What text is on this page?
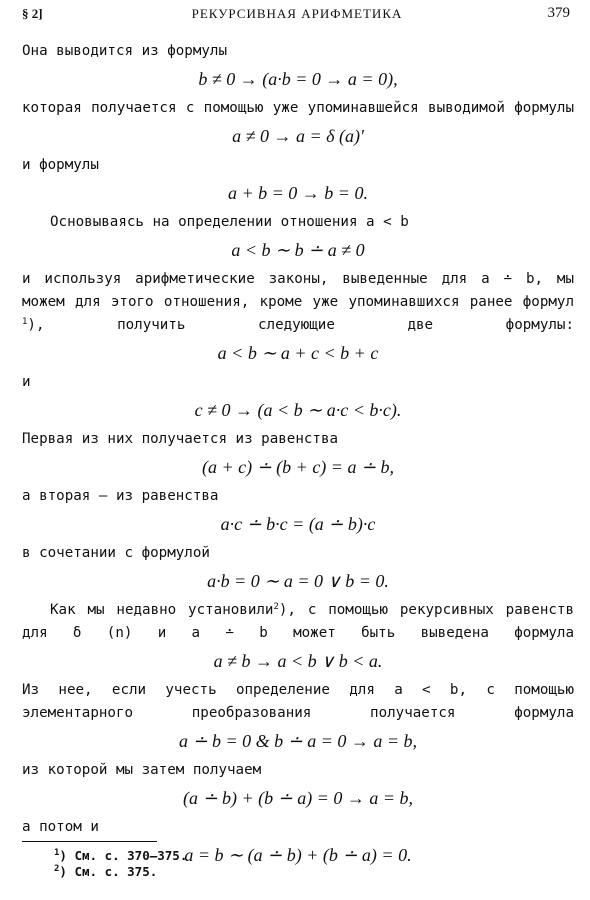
§ 2]	РЕКУРСИВНАЯ АРИФМЕТИКА	379

Она выводится из формулы

b ≠ 0 → (a·b = 0 → a = 0),

которая получается с помощью уже упоминавшейся выводимой формулы

a ≠ 0 → a = δ (a)′

и формулы

a + b = 0 → b = 0.

Основываясь на определении отношения a < b

a < b ∼ b ∸ a ≠ 0

и используя арифметические законы, выведенные для a ∸ b, мы можем для этого отношения, кроме уже упоминавшихся ранее формул $^1$), получить следующие две формулы:

a < b ∼ a + c < b + c

и

c ≠ 0 → (a < b ∼ a·c < b·c).

Первая из них получается из равенства

(a + c) ∸ (b + c) = a ∸ b,

а вторая — из равенства

a·c ∸ b·c = (a ∸ b)·c

в сочетании с формулой

a·b = 0 ∼ a = 0 ∨ b = 0.

Как мы недавно установили$^2$), с помощью рекурсивных равенств для δ (n) и a ∸ b может быть выведена формула

a ≠ b → a < b ∨ b < a.

Из нее, если учесть определение для a < b, с помощью элементарного преобразования получается формула

a ∸ b = 0 & b ∸ a = 0 → a = b,

из которой мы затем получаем

(a ∸ b) + (b ∸ a) = 0 → a = b,

а потом и

a = b ∼ (a ∸ b) + (b ∸ a) = 0.
$^1$) См. с. 370–375.
$^2$) См. с. 375.
